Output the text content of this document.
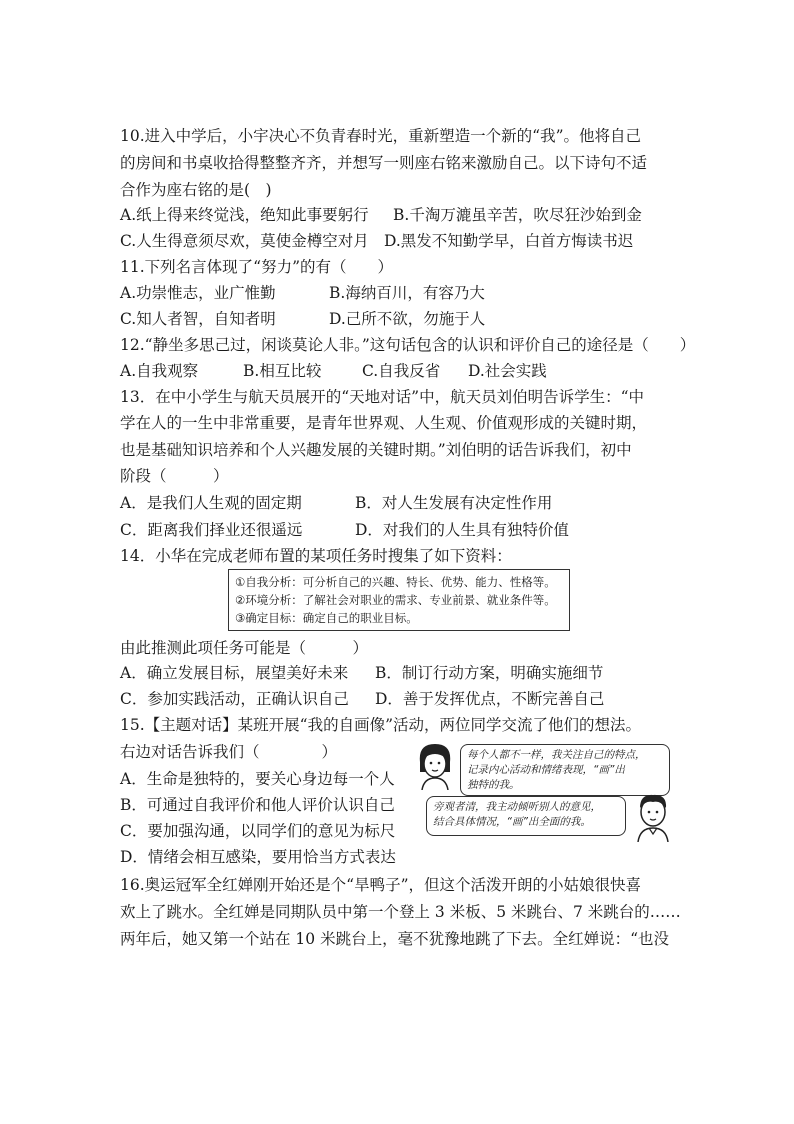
10.进入中学后，小宇决心不负青春时光，重新塑造一个新的“我”。他将自己
的房间和书桌收拾得整整齐齐，并想写一则座右铭来激励自己。以下诗句不适
合作为座右铭的是(　)
A.纸上得来终觉浅，绝知此事要躬行 B.千淘万漉虽辛苦，吹尽狂沙始到金
C.人生得意须尽欢，莫使金樽空对月 D.黑发不知勤学早，白首方悔读书迟
11.下列名言体现了“努力”的有（　　）
A.功崇惟志，业广惟勤	B.海纳百川，有容乃大
C.知人者智，自知者明	D.己所不欲，勿施于人
12.“静坐多思己过，闲谈莫论人非。”这句话包含的认识和评价自己的途径是（　　）
A.自我观察	B.相互比较	C.自我反省 D.社会实践
13．在中小学生与航天员展开的“天地对话”中，航天员刘伯明告诉学生：“中
学在人的一生中非常重要，是青年世界观、人生观、价值观形成的关键时期，
也是基础知识培养和个人兴趣发展的关键时期。”刘伯明的话告诉我们，初中
阶段（　　　）
A．是我们人生观的固定期	B．对人生发展有决定性作用
C．距离我们择业还很遥远	D．对我们的人生具有独特价值
14．小华在完成老师布置的某项任务时搜集了如下资料：
①自我分析：可分析自己的兴趣、特长、优势、能力、性格等。
②环境分析：了解社会对职业的需求、专业前景、就业条件等。
③确定目标：确定自己的职业目标。
由此推测此项任务可能是（　　　）
A．确立发展目标，展望美好未来 B．制订行动方案，明确实施细节
C．参加实践活动，正确认识自己 D．善于发挥优点，不断完善自己
15.【主题对话】某班开展“我的自画像”活动，两位同学交流了他们的想法。
右边对话告诉我们（　　　　）
A．生命是独特的，要关心身边每一个人
B．可通过自我评价和他人评价认识自己
C．要加强沟通，以同学们的意见为标尺
D．情绪会相互感染，要用恰当方式表达
每个人都不一样，我关注自己的特点，
记录内心活动和情绪表现，“画”出
独特的我。
旁观者清，我主动倾听别人的意见，
结合具体情况，“画”出全面的我。
16.奥运冠军全红婵刚开始还是个“旱鸭子”，但这个活泼开朗的小姑娘很快喜
欢上了跳水。全红婵是同期队员中第一个登上 3 米板、5 米跳台、7 米跳台的……
两年后，她又第一个站在 10 米跳台上，毫不犹豫地跳了下去。全红婵说：“也没
